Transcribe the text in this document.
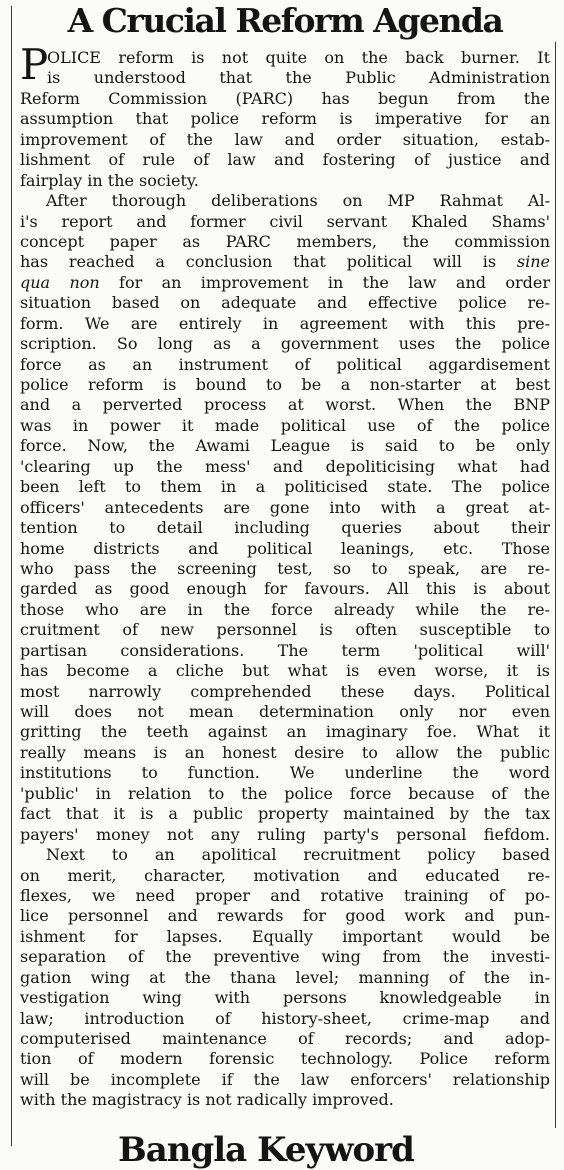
A Crucial Reform Agenda
P
OLICE reform is not quite on the back burner. It
is understood that the Public Administration
Reform Commission (PARC) has begun from the
assumption that police reform is imperative for an
improvement of the law and order situation, estab-
lishment of rule of law and fostering of justice and
fairplay in the society.
After thorough deliberations on MP Rahmat Al-
i's report and former civil servant Khaled Shams'
concept paper as PARC members, the commission
has reached a conclusion that political will is sine
qua non for an improvement in the law and order
situation based on adequate and effective police re-
form. We are entirely in agreement with this pre-
scription. So long as a government uses the police
force as an instrument of political aggardisement
police reform is bound to be a non-starter at best
and a perverted process at worst. When the BNP
was in power it made political use of the police
force. Now, the Awami League is said to be only
'clearing up the mess' and depoliticising what had
been left to them in a politicised state. The police
officers' antecedents are gone into with a great at-
tention to detail including queries about their
home districts and political leanings, etc. Those
who pass the screening test, so to speak, are re-
garded as good enough for favours. All this is about
those who are in the force already while the re-
cruitment of new personnel is often susceptible to
partisan considerations. The term 'political will'
has become a cliche but what is even worse, it is
most narrowly comprehended these days. Political
will does not mean determination only nor even
gritting the teeth against an imaginary foe. What it
really means is an honest desire to allow the public
institutions to function. We underline the word
'public' in relation to the police force because of the
fact that it is a public property maintained by the tax
payers' money not any ruling party's personal fiefdom.
Next to an apolitical recruitment policy based
on merit, character, motivation and educated re-
flexes, we need proper and rotative training of po-
lice personnel and rewards for good work and pun-
ishment for lapses. Equally important would be
separation of the preventive wing from the investi-
gation wing at the thana level; manning of the in-
vestigation wing with persons knowledgeable in
law; introduction of history-sheet, crime-map and
computerised maintenance of records; and adop-
tion of modern forensic technology. Police reform
will be incomplete if the law enforcers' relationship
with the magistracy is not radically improved.
Bangla Keyword
